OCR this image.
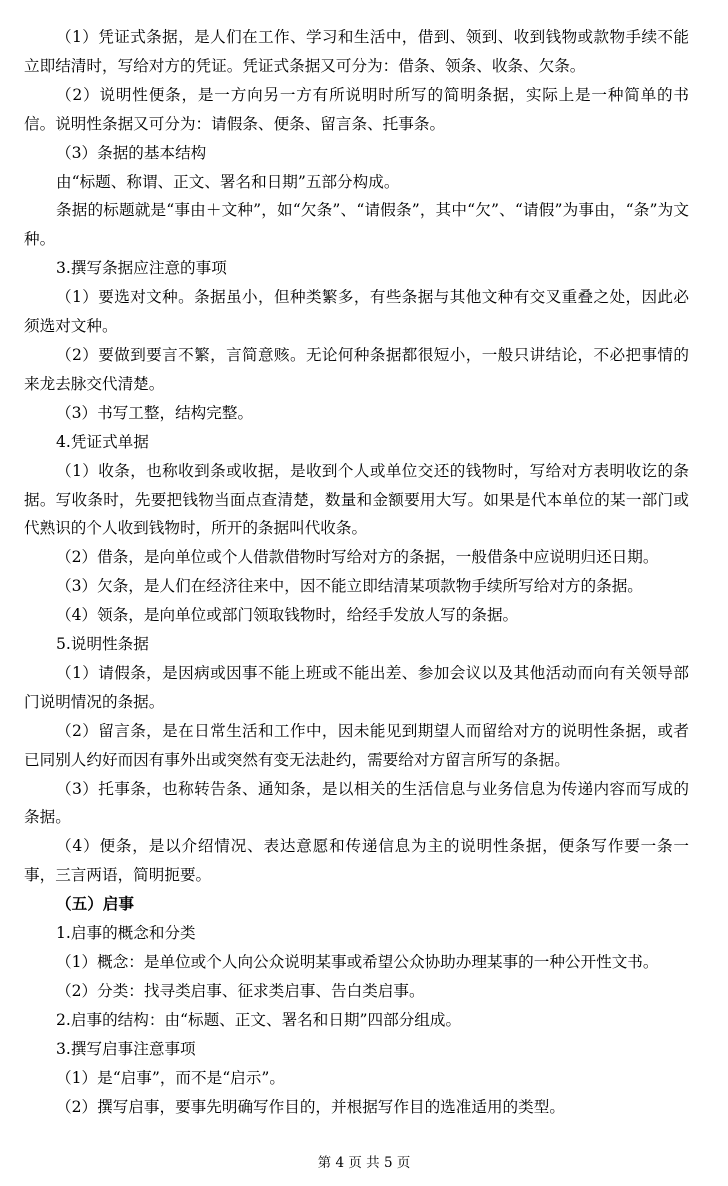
（1）凭证式条据，是人们在工作、学习和生活中，借到、领到、收到钱物或款物手续不能立即结清时，写给对方的凭证。凭证式条据又可分为：借条、领条、收条、欠条。

（2）说明性便条，是一方向另一方有所说明时所写的简明条据，实际上是一种简单的书信。说明性条据又可分为：请假条、便条、留言条、托事条。

（3）条据的基本结构

由“标题、称谓、正文、署名和日期”五部分构成。

条据的标题就是“事由＋文种”，如“欠条”、“请假条”，其中“欠”、“请假”为事由，“条”为文种。

3.撰写条据应注意的事项

（1）要选对文种。条据虽小，但种类繁多，有些条据与其他文种有交叉重叠之处，因此必须选对文种。

（2）要做到要言不繁，言简意赅。无论何种条据都很短小，一般只讲结论，不必把事情的来龙去脉交代清楚。

（3）书写工整，结构完整。

4.凭证式单据

（1）收条，也称收到条或收据，是收到个人或单位交还的钱物时，写给对方表明收讫的条据。写收条时，先要把钱物当面点查清楚，数量和金额要用大写。如果是代本单位的某一部门或代熟识的个人收到钱物时，所开的条据叫代收条。

（2）借条，是向单位或个人借款借物时写给对方的条据，一般借条中应说明归还日期。

（3）欠条，是人们在经济往来中，因不能立即结清某项款物手续所写给对方的条据。

（4）领条，是向单位或部门领取钱物时，给经手发放人写的条据。

5.说明性条据

（1）请假条，是因病或因事不能上班或不能出差、参加会议以及其他活动而向有关领导部门说明情况的条据。

（2）留言条，是在日常生活和工作中，因未能见到期望人而留给对方的说明性条据，或者已同别人约好而因有事外出或突然有变无法赴约，需要给对方留言所写的条据。

（3）托事条，也称转告条、通知条，是以相关的生活信息与业务信息为传递内容而写成的条据。

（4）便条，是以介绍情况、表达意愿和传递信息为主的说明性条据，便条写作要一条一事，三言两语，简明扼要。

（五）启事

1.启事的概念和分类

（1）概念：是单位或个人向公众说明某事或希望公众协助办理某事的一种公开性文书。

（2）分类：找寻类启事、征求类启事、告白类启事。

2.启事的结构：由“标题、正文、署名和日期”四部分组成。

3.撰写启事注意事项

（1）是“启事”，而不是“启示”。

（2）撰写启事，要事先明确写作目的，并根据写作目的选准适用的类型。

第 4 页 共 5 页
